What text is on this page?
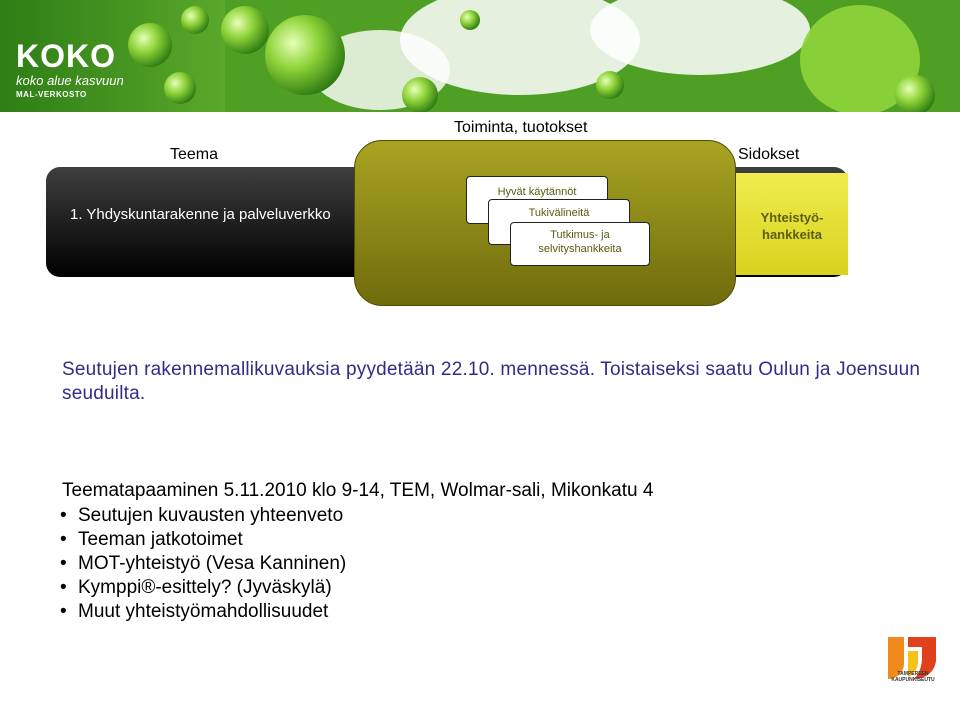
KOKO
koko alue kasvuun
MAL-VERKOSTO
Teema
Toiminta, tuotokset
Sidokset
1. Yhdyskuntarakenne ja palveluverkko
Hyvät käytännöt
Tukivälineitä
Tutkimus- ja selvityshankkeita
Yhteistyö-hankkeita
Seutujen rakennemallikuvauksia pyydetään 22.10. mennessä. Toistaiseksi saatu Oulun ja Joensuun seuduilta.
Teematapaaminen 5.11.2010 klo 9-14, TEM, Wolmar-sali, Mikonkatu 4
• Seutujen kuvausten yhteenveto
• Teeman jatkotoimet
• MOT-yhteistyö (Vesa Kanninen)
• Kymppi®-esittely? (Jyväskylä)
• Muut yhteistyömahdollisuudet
TAMPEREEN
KAUPUNKISEUTU
